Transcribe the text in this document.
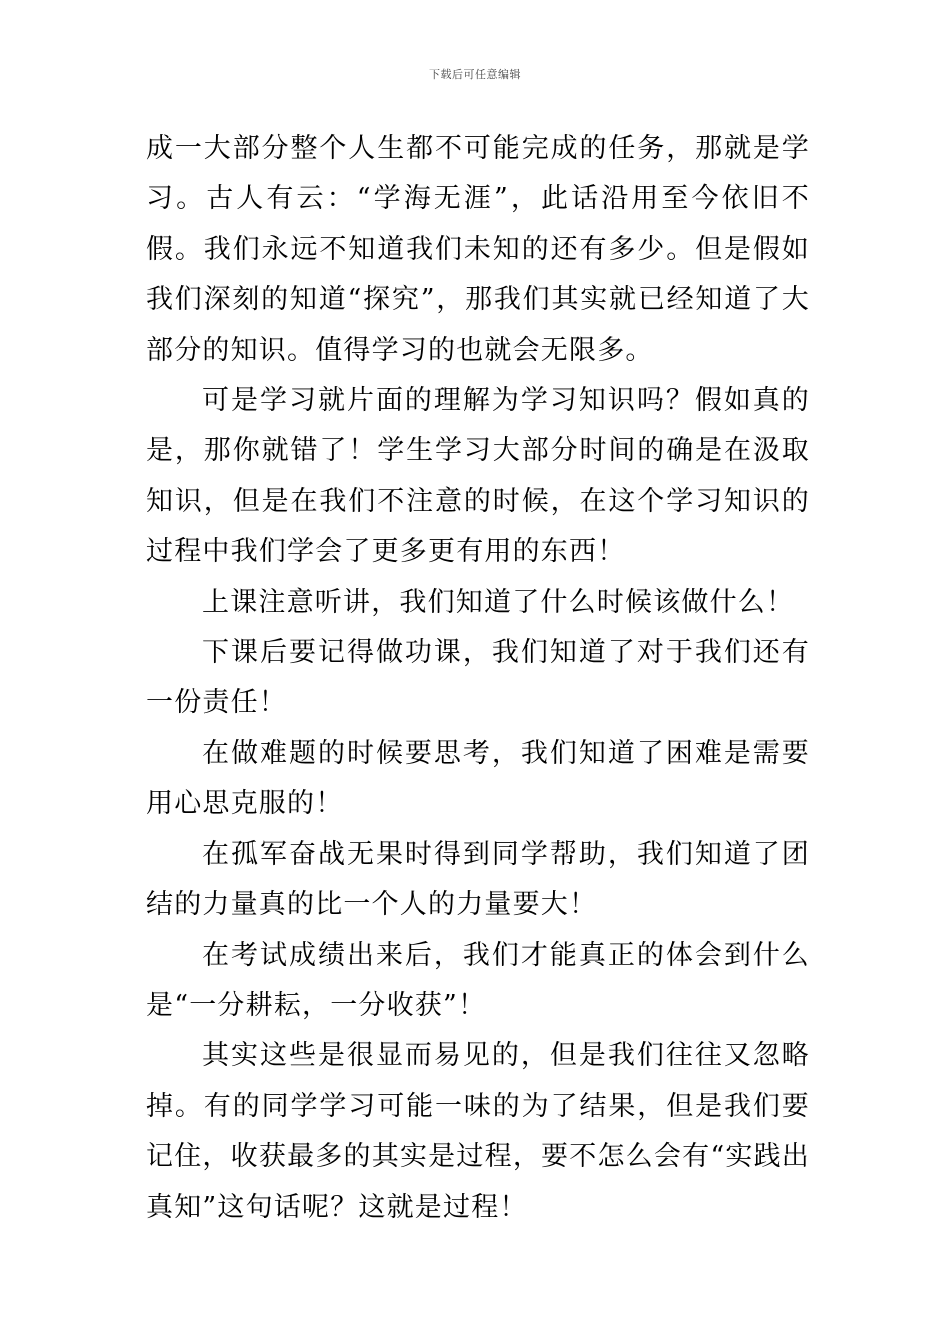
下载后可任意编辑

成一大部分整个人生都不可能完成的任务，那就是学习。古人有云：“学海无涯”，此话沿用至今依旧不假。我们永远不知道我们未知的还有多少。但是假如我们深刻的知道“探究”，那我们其实就已经知道了大部分的知识。值得学习的也就会无限多。

可是学习就片面的理解为学习知识吗？假如真的是，那你就错了！学生学习大部分时间的确是在汲取知识，但是在我们不注意的时候，在这个学习知识的过程中我们学会了更多更有用的东西！

上课注意听讲，我们知道了什么时候该做什么！

下课后要记得做功课，我们知道了对于我们还有一份责任！

在做难题的时候要思考，我们知道了困难是需要用心思克服的！

在孤军奋战无果时得到同学帮助，我们知道了团结的力量真的比一个人的力量要大！

在考试成绩出来后，我们才能真正的体会到什么是“一分耕耘，一分收获”！

其实这些是很显而易见的，但是我们往往又忽略掉。有的同学学习可能一味的为了结果，但是我们要记住，收获最多的其实是过程，要不怎么会有“实践出真知”这句话呢？这就是过程！
